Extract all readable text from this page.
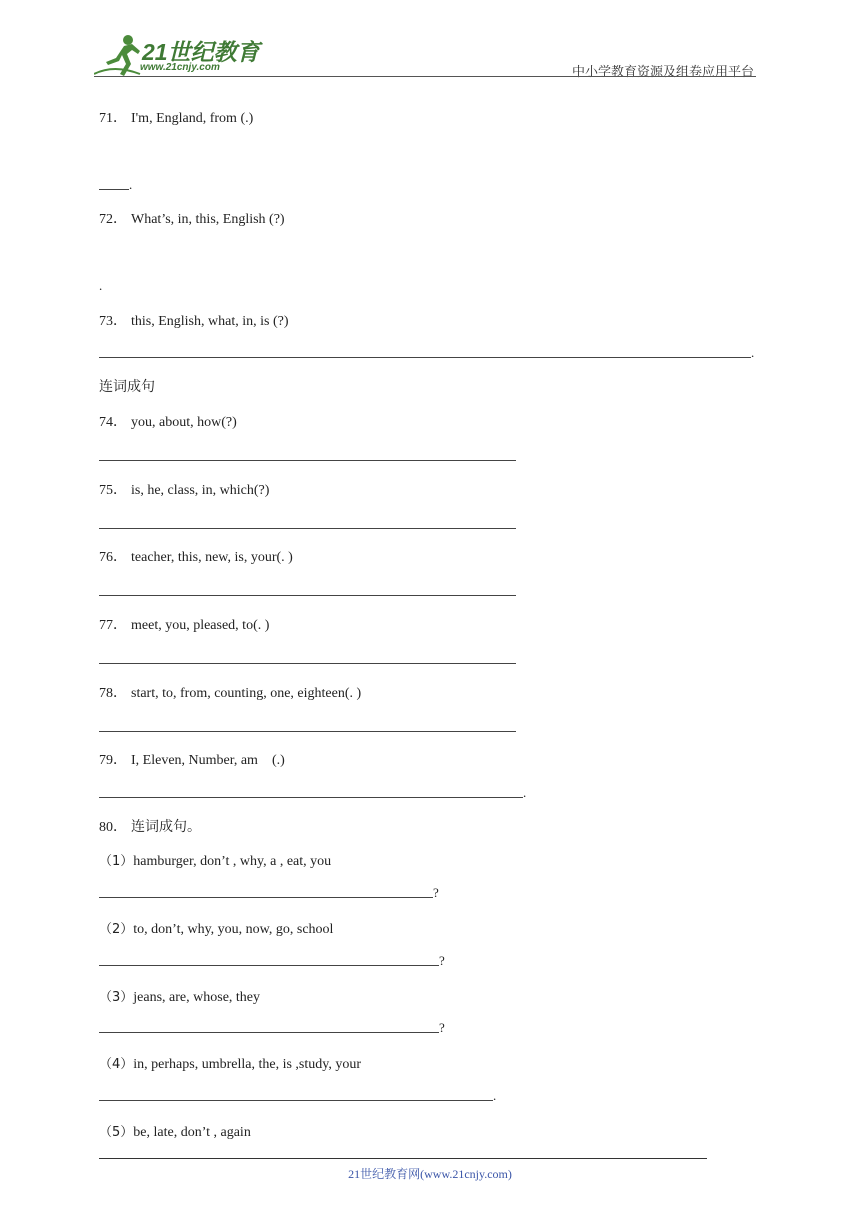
21世纪教育
www.21cnjy.com	中小学教育资源及组卷应用平台
71． I'm, England, from (.)
.
72． What’s, in, this, English (?)
.
73． this, English, what, in, is (?)
.
连词成句
74． you, about, how(?)
75． is, he, class, in, which(?)
76． teacher, this, new, is, your(. )
77． meet, you, pleased, to(. )
78． start, to, from, counting, one, eighteen(. )
79． I, Eleven, Number, am　(.)
.
80． 连词成句。
（1）hamburger, don’t , why, a , eat, you
?
（2）to, don’t, why, you, now, go, school
?
（3）jeans, are, whose, they
?
（4）in, perhaps, umbrella, the, is ,study, your
.
（5）be, late, don’t , again
21世纪教育网(www.21cnjy.com)
